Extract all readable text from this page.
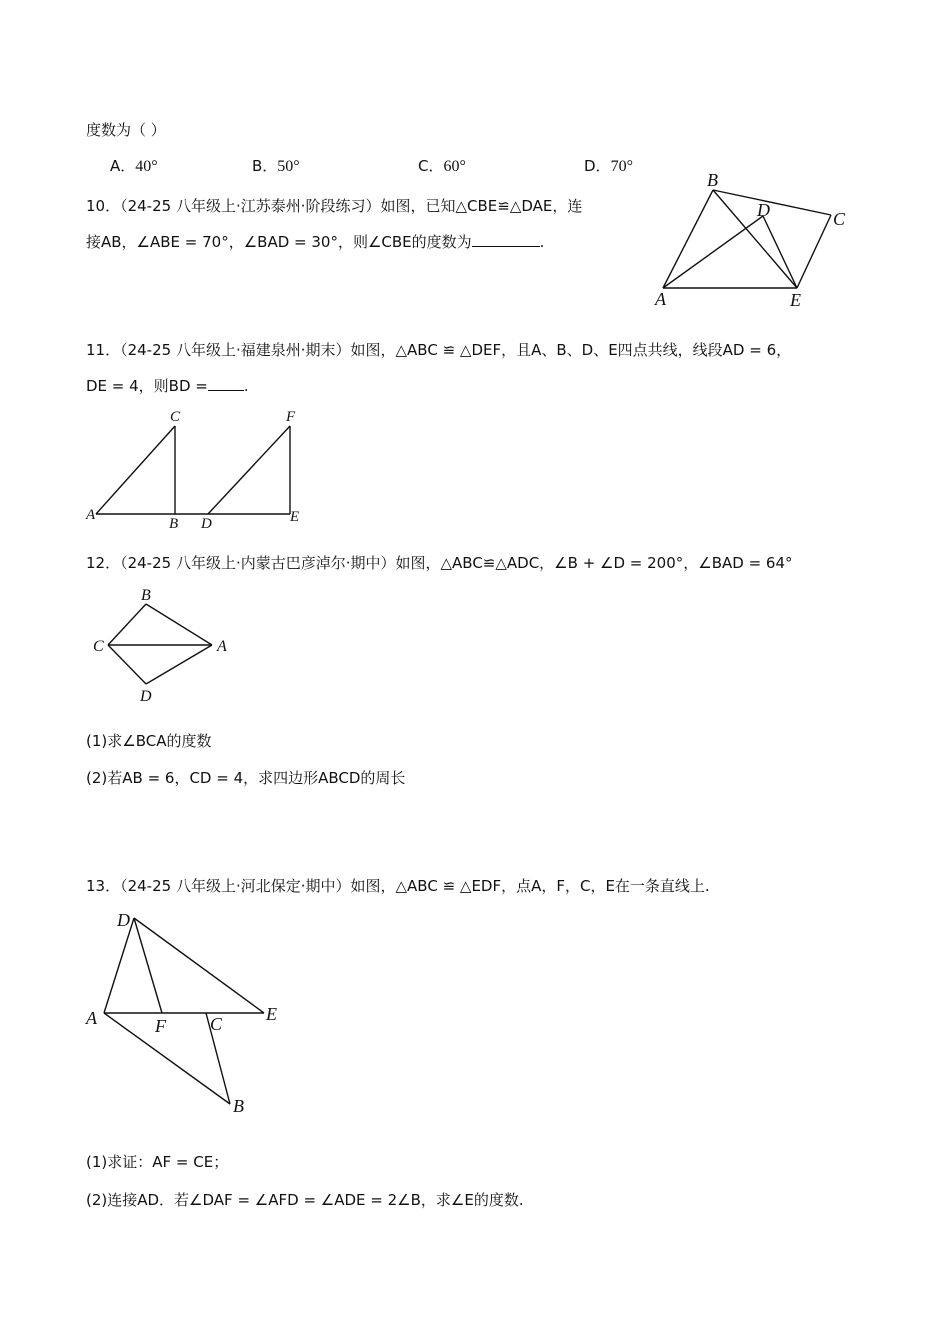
度数为（ ）
A．40°	B．50°	C．60°	D．70°
10．（24-25 八年级上·江苏泰州·阶段练习）如图，已知△CBE≌△DAE，连
接AB，∠ABE = 70°，∠BAD = 30°，则∠CBE的度数为	.
B
D	C
A	E
11．（24-25 八年级上·福建泉州·期末）如图，△ABC ≌ △DEF，且A、B、D、E四点共线，线段AD = 6，
DE = 4，则BD = .
C	F
A
B D	E
12．（24-25 八年级上·内蒙古巴彦淖尔·期中）如图，△ABC≌△ADC，∠B + ∠D = 200°，∠BAD = 64°
B
C	A
D
(1)求∠BCA的度数
(2)若AB = 6，CD = 4，求四边形ABCD的周长
13．（24-25 八年级上·河北保定·期中）如图，△ABC ≌ △EDF，点A，F，C，E在一条直线上.
D
A	F C E
B
(1)求证：AF = CE；
(2)连接AD．若∠DAF = ∠AFD = ∠ADE = 2∠B，求∠E的度数.
